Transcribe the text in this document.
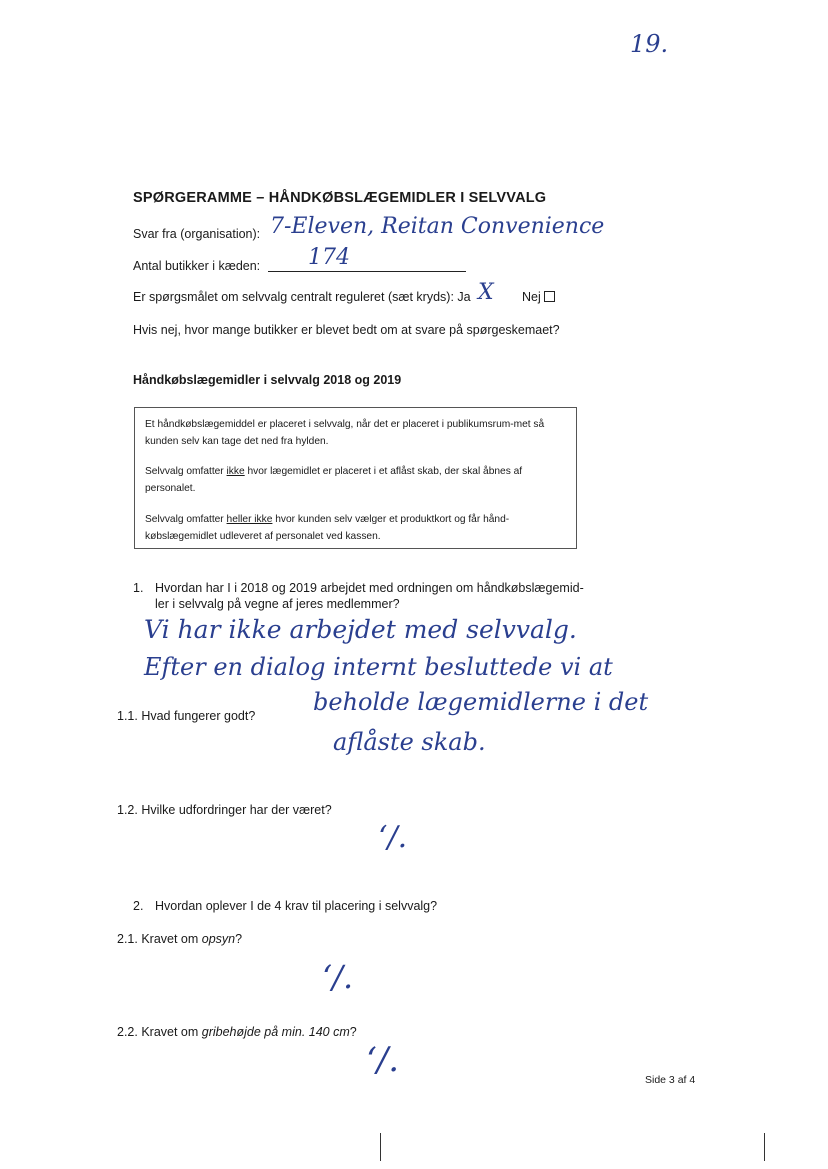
19.
SPØRGERAMME – HÅNDKØBSLÆGEMIDLER I SELVVALG
Svar fra (organisation): 7-Eleven, Reitan Convenience
Antal butikker i kæden: 174
Er spørgsmålet om selvvalg centralt reguleret (sæt kryds): Ja X Nej
Hvis nej, hvor mange butikker er blevet bedt om at svare på spørgeskemaet?
Håndkøbslægemidler i selvvalg 2018 og 2019
Et håndkøbslægemiddel er placeret i selvvalg, når det er placeret i publikumsrum-met så kunden selv kan tage det ned fra hylden.
Selvvalg omfatter ikke hvor lægemidlet er placeret i et aflåst skab, der skal åbnes af personalet.
Selvvalg omfatter heller ikke hvor kunden selv vælger et produktkort og får hånd-købslægemidlet udleveret af personalet ved kassen.
1. Hvordan har I i 2018 og 2019 arbejdet med ordningen om håndkøbslægemid-
ler i selvvalg på vegne af jeres medlemmer?
Vi har ikke arbejdet med selvvalg.
Efter en dialog internt besluttede vi at
beholde lægemidlerne i det
aflåste skab.
1.1. Hvad fungerer godt?
1.2. Hvilke udfordringer har der været?
‘/.
2. Hvordan oplever I de 4 krav til placering i selvvalg?
2.1. Kravet om opsyn?
‘/.
2.2. Kravet om gribehøjde på min. 140 cm?
‘/.	Side 3 af 4
